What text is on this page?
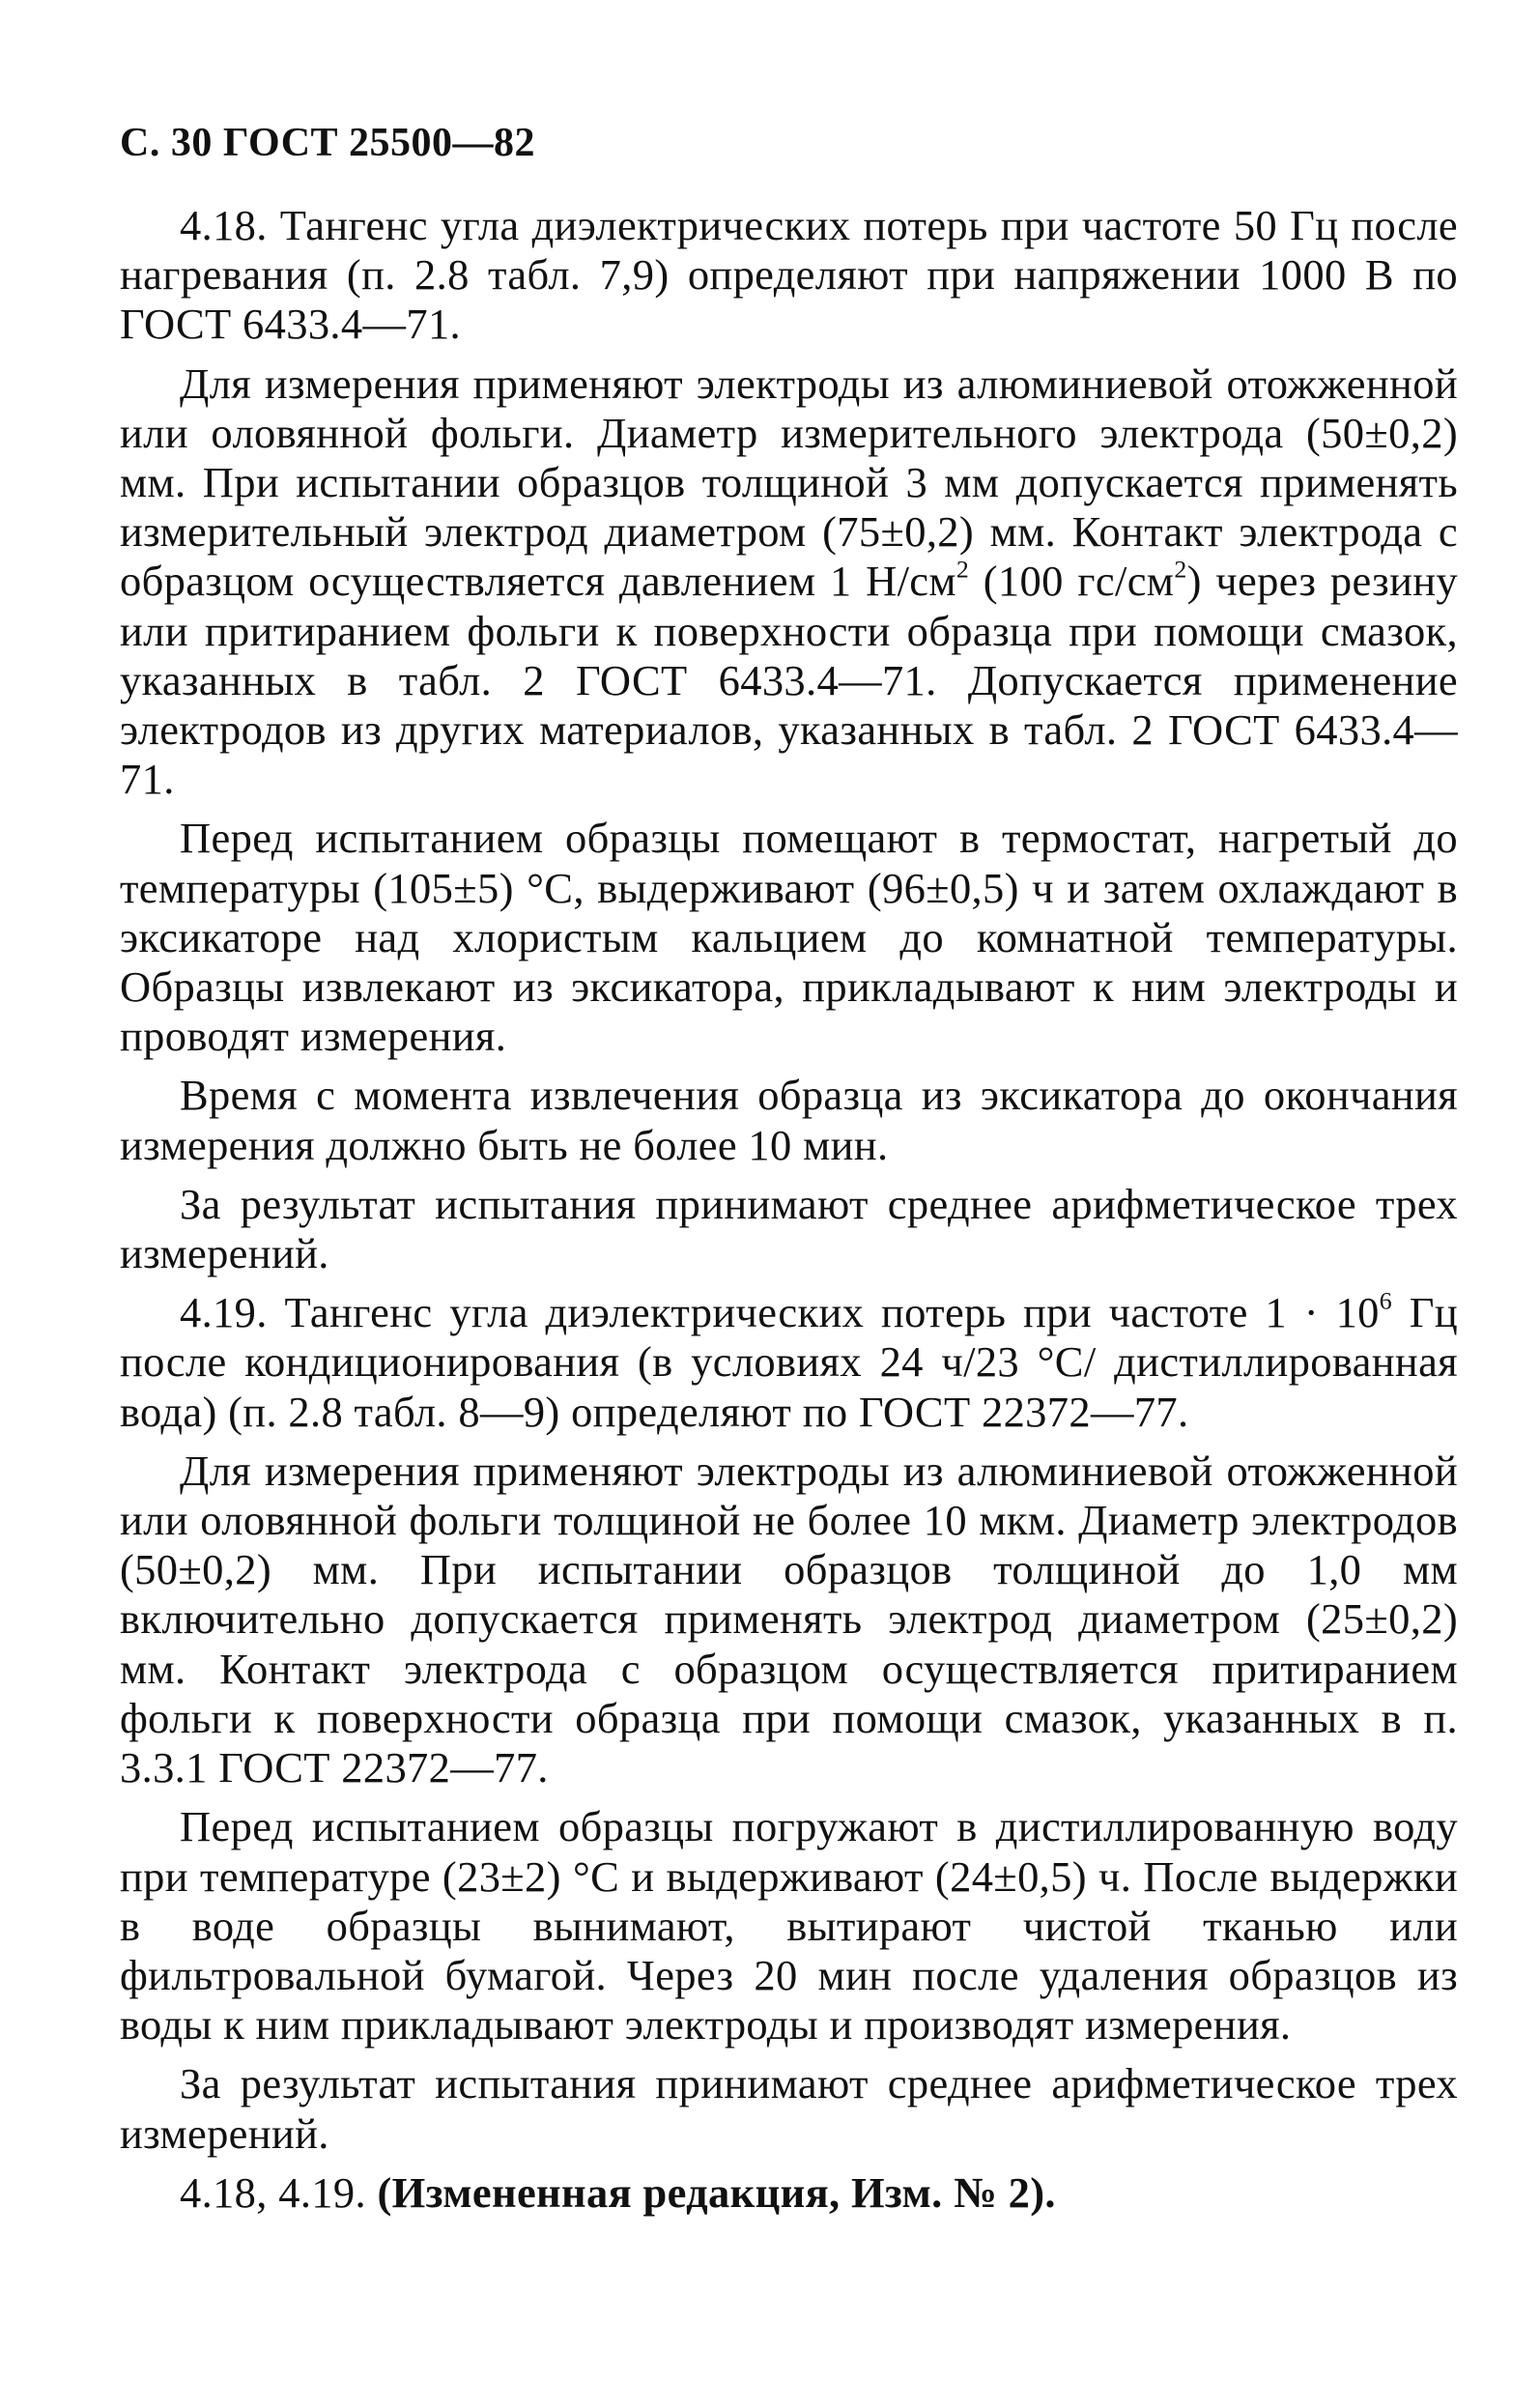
С. 30 ГОСТ 25500—82

4.18. Тангенс угла диэлектрических потерь при частоте 50 Гц после нагревания (п. 2.8 табл. 7,9) определяют при напряжении 1000 В по ГОСТ 6433.4—71.

Для измерения применяют электроды из алюминиевой отожженной или оловянной фольги. Диаметр измерительного электрода (50±0,2) мм. При испытании образцов толщиной 3 мм допускается применять измерительный электрод диаметром (75±0,2) мм. Контакт электрода с образцом осуществляется давлением 1 $Н/см^2$ (100 $гс/см^2$) через резину или притиранием фольги к поверхности образца при помощи смазок, указанных в табл. 2 ГОСТ 6433.4—71. Допускается применение электродов из других материалов, указанных в табл. 2 ГОСТ 6433.4—71.

Перед испытанием образцы помещают в термостат, нагретый до температуры (105±5) °С, выдерживают (96±0,5) ч и затем охлаждают в эксикаторе над хлористым кальцием до комнатной температуры. Образцы извлекают из эксикатора, прикладывают к ним электроды и проводят измерения.

Время с момента извлечения образца из эксикатора до окончания измерения должно быть не более 10 мин.

За результат испытания принимают среднее арифметическое трех измерений.

4.19. Тангенс угла диэлектрических потерь при частоте $1 \cdot 10^6$ Гц после кондиционирования (в условиях 24 ч/23 °С/ дистиллированная вода) (п. 2.8 табл. 8—9) определяют по ГОСТ 22372—77.

Для измерения применяют электроды из алюминиевой отожженной или оловянной фольги толщиной не более 10 мкм. Диаметр электродов (50±0,2) мм. При испытании образцов толщиной до 1,0 мм включительно допускается применять электрод диаметром (25±0,2) мм. Контакт электрода с образцом осуществляется притиранием фольги к поверхности образца при помощи смазок, указанных в п. 3.3.1 ГОСТ 22372—77.

Перед испытанием образцы погружают в дистиллированную воду при температуре (23±2) °С и выдерживают (24±0,5) ч. После выдержки в воде образцы вынимают, вытирают чистой тканью или фильтровальной бумагой. Через 20 мин после удаления образцов из воды к ним прикладывают электроды и производят измерения.

За результат испытания принимают среднее арифметическое трех измерений.

4.18, 4.19. (Измененная редакция, Изм. № 2).
